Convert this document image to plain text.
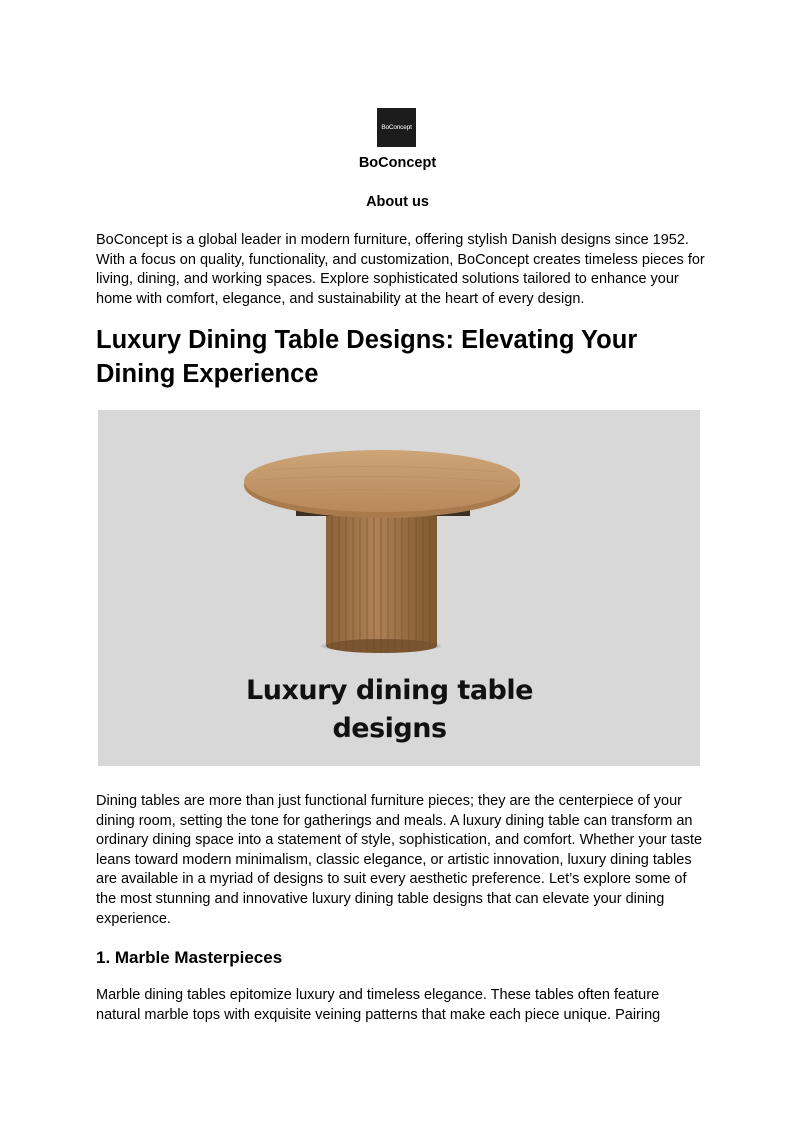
BoConcept
BoConcept
About us

BoConcept is a global leader in modern furniture, offering stylish Danish designs since 1952. With a focus on quality, functionality, and customization, BoConcept creates timeless pieces for living, dining, and working spaces. Explore sophisticated solutions tailored to enhance your home with comfort, elegance, and sustainability at the heart of every design.

Luxury Dining Table Designs: Elevating Your Dining Experience
Luxury dining table
designs

Dining tables are more than just functional furniture pieces; they are the centerpiece of your dining room, setting the tone for gatherings and meals. A luxury dining table can transform an ordinary dining space into a statement of style, sophistication, and comfort. Whether your taste leans toward modern minimalism, classic elegance, or artistic innovation, luxury dining tables are available in a myriad of designs to suit every aesthetic preference. Let’s explore some of the most stunning and innovative luxury dining table designs that can elevate your dining experience.

1. Marble Masterpieces

Marble dining tables epitomize luxury and timeless elegance. These tables often feature natural marble tops with exquisite veining patterns that make each piece unique. Pairing
